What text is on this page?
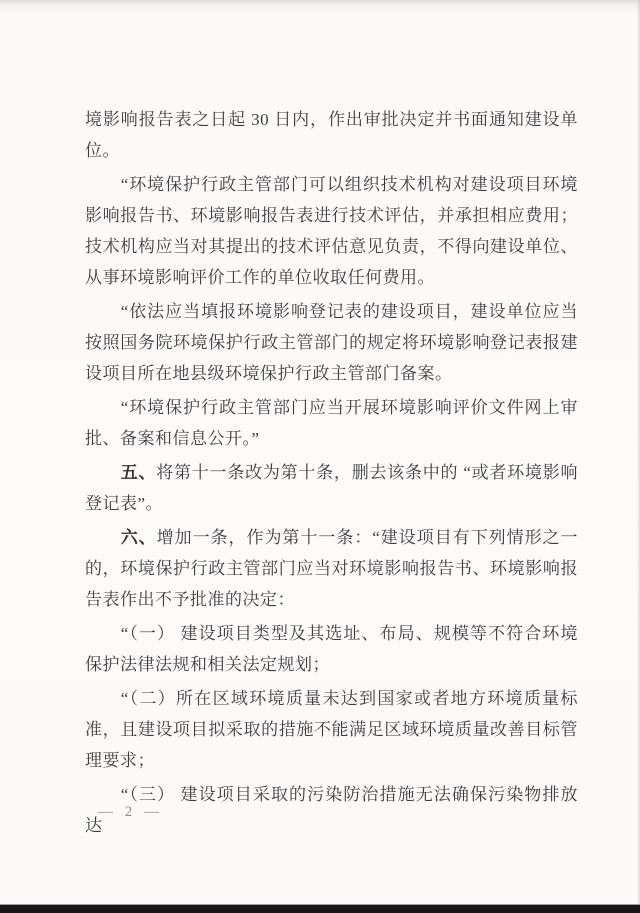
境影响报告表之日起 30 日内，作出审批决定并书面通知建设单位。

“环境保护行政主管部门可以组织技术机构对建设项目环境影响报告书、环境影响报告表进行技术评估，并承担相应费用；技术机构应当对其提出的技术评估意见负责，不得向建设单位、从事环境影响评价工作的单位收取任何费用。

“依法应当填报环境影响登记表的建设项目，建设单位应当按照国务院环境保护行政主管部门的规定将环境影响登记表报建设项目所在地县级环境保护行政主管部门备案。

“环境保护行政主管部门应当开展环境影响评价文件网上审批、备案和信息公开。”

五、将第十一条改为第十条，删去该条中的 “或者环境影响登记表”。

六、增加一条，作为第十一条：“建设项目有下列情形之一的，环境保护行政主管部门应当对环境影响报告书、环境影响报告表作出不予批准的决定：

“（一） 建设项目类型及其选址、布局、规模等不符合环境保护法律法规和相关法定规划；

“（二）所在区域环境质量未达到国家或者地方环境质量标准，且建设项目拟采取的措施不能满足区域环境质量改善目标管理要求；

“（三） 建设项目采取的污染防治措施无法确保污染物排放达

— 2 —
